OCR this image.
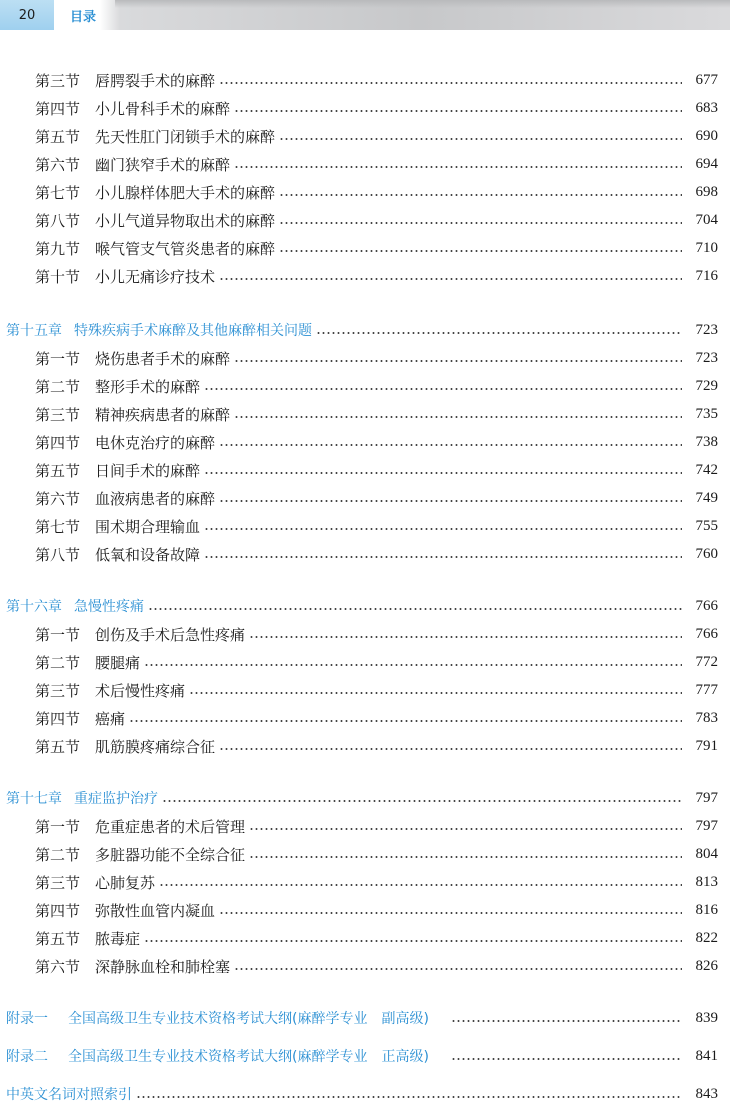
20	目录
第三节 唇腭裂手术的麻醉	677
第四节 小儿骨科手术的麻醉	683
第五节 先天性肛门闭锁手术的麻醉	690
第六节 幽门狭窄手术的麻醉	694
第七节 小儿腺样体肥大手术的麻醉	698
第八节 小儿气道异物取出术的麻醉	704
第九节 喉气管支气管炎患者的麻醉	710
第十节 小儿无痛诊疗技术	716
第十五章 特殊疾病手术麻醉及其他麻醉相关问题	723
第一节 烧伤患者手术的麻醉	723
第二节 整形手术的麻醉	729
第三节 精神疾病患者的麻醉	735
第四节 电休克治疗的麻醉	738
第五节 日间手术的麻醉	742
第六节 血液病患者的麻醉	749
第七节 围术期合理输血	755
第八节 低氧和设备故障	760
第十六章 急慢性疼痛	766
第一节 创伤及手术后急性疼痛	766
第二节 腰腿痛	772
第三节 术后慢性疼痛	777
第四节 癌痛	783
第五节 肌筋膜疼痛综合征	791
第十七章 重症监护治疗	797
第一节 危重症患者的术后管理	797
第二节 多脏器功能不全综合征	804
第三节 心肺复苏	813
第四节 弥散性血管内凝血	816
第五节 脓毒症	822
第六节 深静脉血栓和肺栓塞	826
附录一 全国高级卫生专业技术资格考试大纲(麻醉学专业　副高级)	839
附录二 全国高级卫生专业技术资格考试大纲(麻醉学专业　正高级)	841
中英文名词对照索引	843
